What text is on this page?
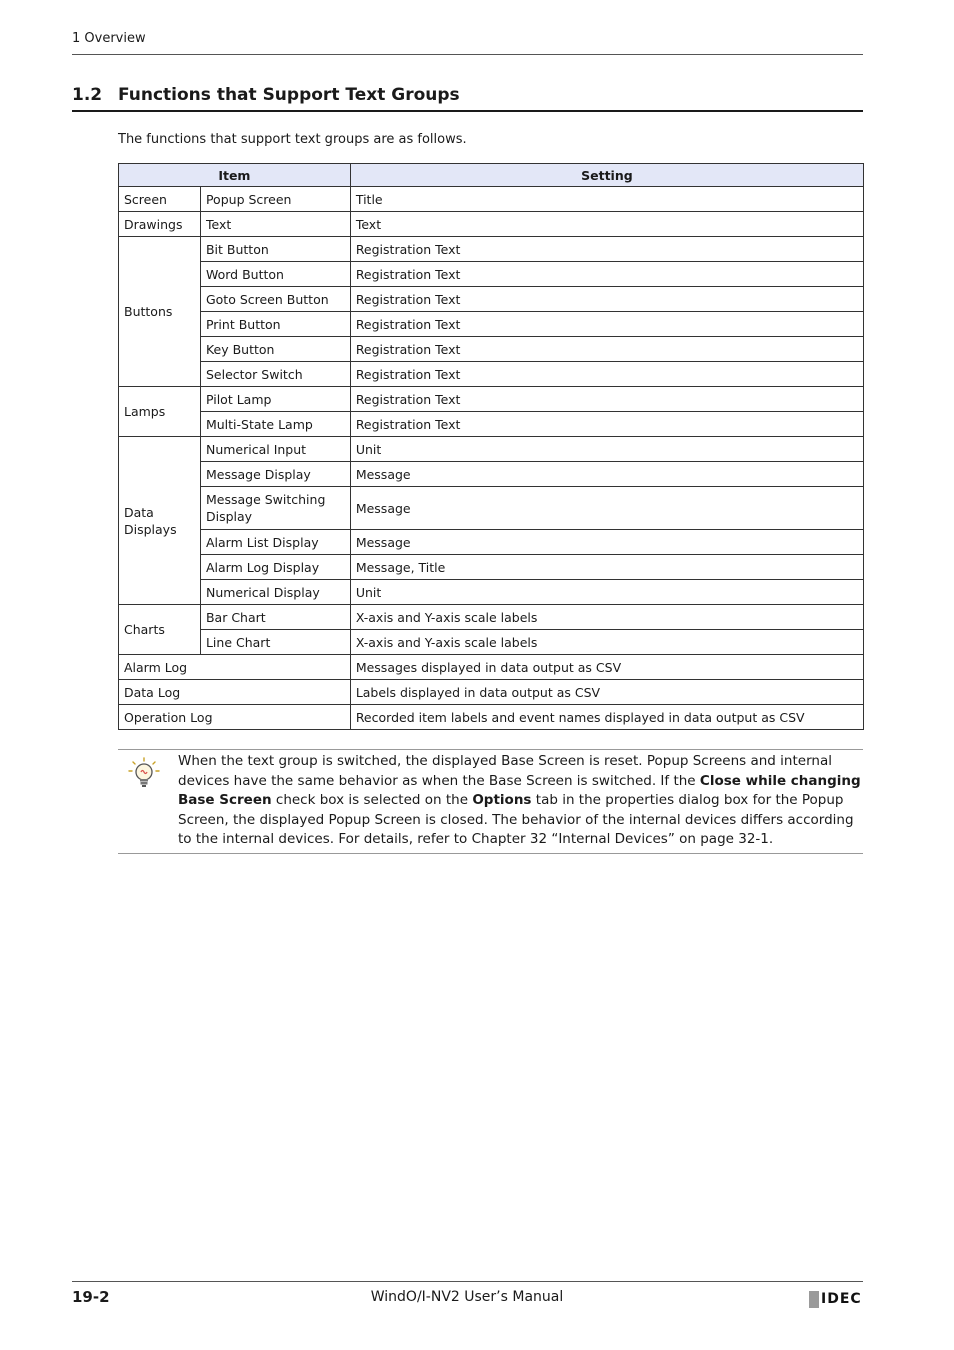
1 Overview
1.2 Functions that Support Text Groups
The functions that support text groups are as follows.
Item		Setting
Screen	Popup Screen	Title
Drawings	Text	Text
Buttons	Bit Button	Registration Text
	Word Button	Registration Text
	Goto Screen Button	Registration Text
	Print Button	Registration Text
	Key Button	Registration Text
	Selector Switch	Registration Text
Lamps	Pilot Lamp	Registration Text
	Multi-State Lamp	Registration Text
Data Displays	Numerical Input	Unit
	Message Display	Message
	Message Switching Display	Message
	Alarm List Display	Message
	Alarm Log Display	Message, Title
	Numerical Display	Unit
Charts	Bar Chart	X-axis and Y-axis scale labels
	Line Chart	X-axis and Y-axis scale labels
Alarm Log		Messages displayed in data output as CSV
Data Log		Labels displayed in data output as CSV
Operation Log		Recorded item labels and event names displayed in data output as CSV
When the text group is switched, the displayed Base Screen is reset. Popup Screens and internal devices have the same behavior as when the Base Screen is switched. If the Close while changing Base Screen check box is selected on the Options tab in the properties dialog box for the Popup Screen, the displayed Popup Screen is closed. The behavior of the internal devices differs according to the internal devices. For details, refer to Chapter 32 “Internal Devices” on page 32-1.
19-2	WindO/I-NV2 User’s Manual	IDEC
